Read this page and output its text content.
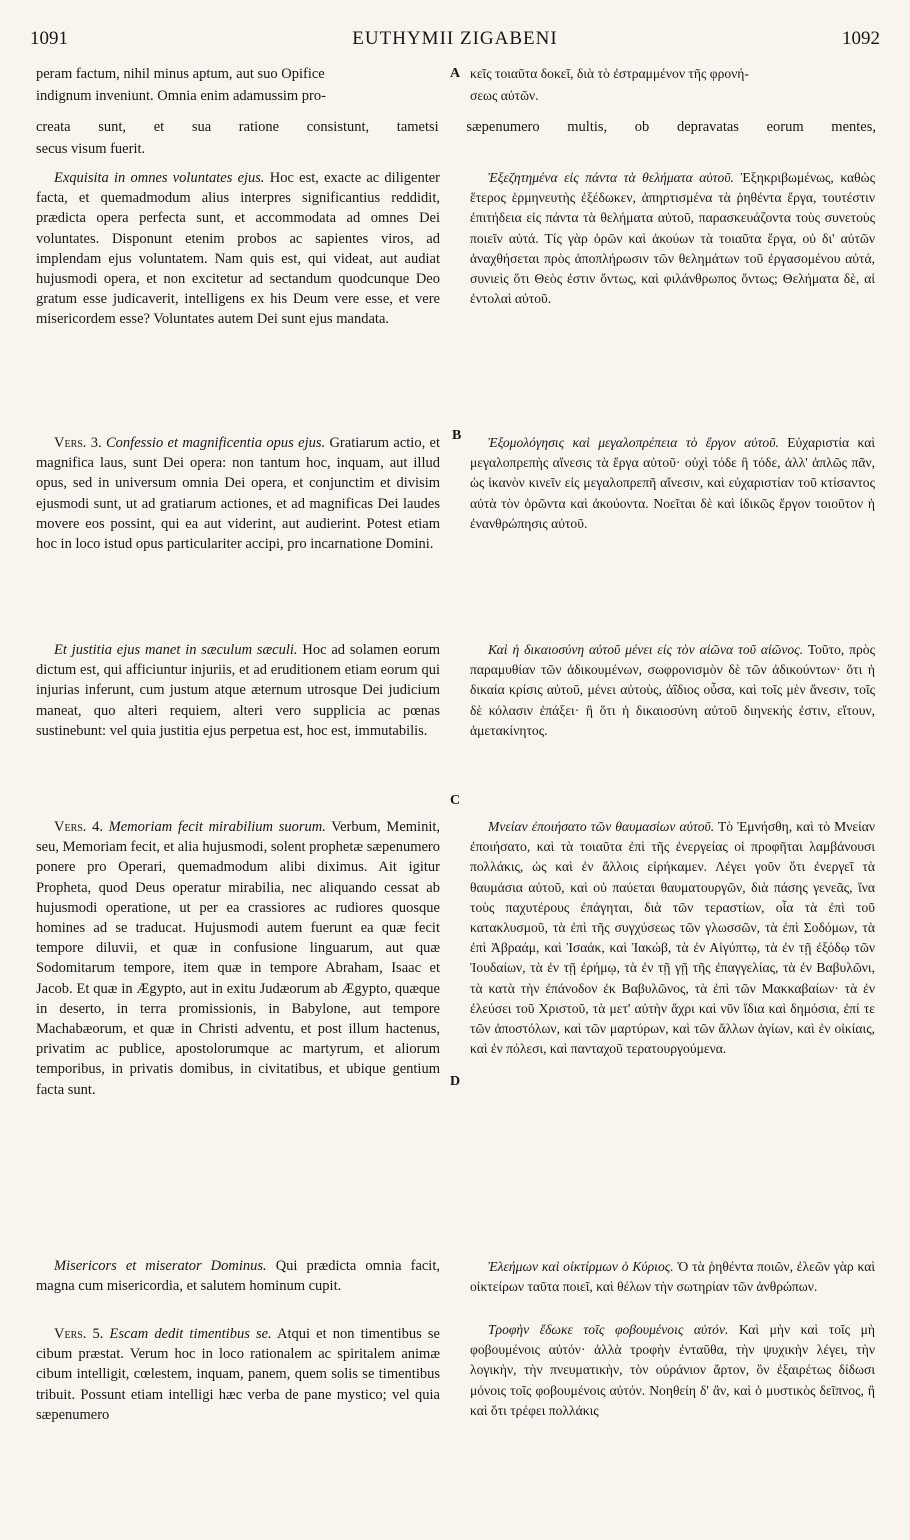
1091	EUTHYMII ZIGABENI	1092
peram factum, nihil minus aptum, aut suo Opifice
indignum inveniunt. Omnia enim adamussim pro-
κεῖς τοιαῦτα δοκεῖ, διὰ τὸ ἐστραμμένον τῆς φρονή-
σεως αὐτῶν.
creata sunt, et sua ratione consistunt, tametsi sæpenumero multis, ob depravatas eorum mentes,
secus visum fuerit.
A
B
C
D

Exquisita in omnes voluntates ejus. Hoc est, exacte ac diligenter facta, et quemadmodum alius interpres significantius reddidit, prædicta opera perfecta sunt, et accommodata ad omnes Dei voluntates. Disponunt etenim probos ac sapientes viros, ad implendam ejus voluntatem. Nam quis est, qui videat, aut audiat hujusmodi opera, et non excitetur ad sectandum quodcunque Deo gratum esse judicaverit, intelligens ex his Deum vere esse, et vere misericordem esse? Voluntates autem Dei sunt ejus mandata.

Vers. 3. Confessio et magnificentia opus ejus. Gratiarum actio, et magnifica laus, sunt Dei opera: non tantum hoc, inquam, aut illud opus, sed in universum omnia Dei opera, et conjunctim et divisim ejusmodi sunt, ut ad gratiarum actiones, et ad magnificas Dei laudes movere eos possint, qui ea aut viderint, aut audierint. Potest etiam hoc in loco istud opus particulariter accipi, pro incarnatione Domini.

Et justitia ejus manet in sæculum sæculi. Hoc ad solamen eorum dictum est, qui afficiuntur injuriis, et ad eruditionem etiam eorum qui injurias inferunt, cum justum atque æternum utrosque Dei judicium maneat, quo alteri requiem, alteri vero supplicia ac pœnas sustinebunt: vel quia justitia ejus perpetua est, hoc est, immutabilis.

Vers. 4. Memoriam fecit mirabilium suorum. Verbum, Meminit, seu, Memoriam fecit, et alia hujusmodi, solent prophetæ sæpenumero ponere pro Operari, quemadmodum alibi diximus. Ait igitur Propheta, quod Deus operatur mirabilia, nec aliquando cessat ab hujusmodi operatione, ut per ea crassiores ac rudiores quosque homines ad se traducat. Hujusmodi autem fuerunt ea quæ fecit tempore diluvii, et quæ in confusione linguarum, aut quæ Sodomitarum tempore, item quæ in tempore Abraham, Isaac et Jacob. Et quæ in Ægypto, aut in exitu Judæorum ab Ægypto, quæque in deserto, in terra promissionis, in Babylone, aut tempore Machabæorum, et quæ in Christi adventu, et post illum hactenus, privatim ac publice, apostolorumque ac martyrum, et aliorum temporibus, in privatis domibus, in civitatibus, et ubique gentium facta sunt.

Misericors et miserator Dominus. Qui prædicta omnia facit, magna cum misericordia, et salutem hominum cupit.

Vers. 5. Escam dedit timentibus se. Atqui et non timentibus se cibum præstat. Verum hoc in loco rationalem ac spiritalem animæ cibum intelligit, cœlestem, inquam, panem, quem solis se timentibus tribuit. Possunt etiam intelligi hæc verba de pane mystico; vel quia sæpenumero

Ἐξεζητημένα εἰς πάντα τὰ θελήματα αὐτοῦ. Ἐξηκριβωμένως, καθὼς ἕτερος ἑρμηνευτὴς ἐξέδωκεν, ἀπηρτισμένα τὰ ῥηθέντα ἔργα, τουτέστιν ἐπιτήδεια εἰς πάντα τὰ θελήματα αὐτοῦ, παρασκευάζοντα τοὺς συνετοὺς ποιεῖν αὐτά. Τίς γὰρ ὁρῶν καὶ ἀκούων τὰ τοιαῦτα ἔργα, οὐ δι' αὐτῶν ἀναχθήσεται πρὸς ἀποπλήρωσιν τῶν θελημάτων τοῦ ἐργασομένου αὐτά, συνιεὶς ὅτι Θεὸς ἐστιν ὄντως, καὶ φιλάνθρωπος ὄντως; Θελήματα δὲ, αἱ ἐντολαὶ αὐτοῦ.

Ἐξομολόγησις καὶ μεγαλοπρέπεια τὸ ἔργον αὐτοῦ. Εὐχαριστία καὶ μεγαλοπρεπὴς αἴνεσις τὰ ἔργα αὐτοῦ· οὐχὶ τόδε ἢ τόδε, ἀλλ' ἁπλῶς πᾶν, ὡς ἱκανὸν κινεῖν εἰς μεγαλοπρεπῆ αἴνεσιν, καὶ εὐχαριστίαν τοῦ κτίσαντος αὐτὰ τὸν ὁρῶντα καὶ ἀκούοντα. Νοεῖται δὲ καὶ ἰδικῶς ἔργον τοιοῦτον ἡ ἐνανθρώπησις αὐτοῦ.

Καὶ ἡ δικαιοσύνη αὐτοῦ μένει εἰς τὸν αἰῶνα τοῦ αἰῶνος. Τοῦτο, πρὸς παραμυθίαν τῶν ἀδικουμένων, σωφρονισμὸν δὲ τῶν ἀδικούντων· ὅτι ἡ δικαία κρίσις αὐτοῦ, μένει αὐτοὺς, ἀΐδιος οὖσα, καὶ τοῖς μὲν ἄνεσιν, τοῖς δὲ κόλασιν ἐπάξει· ἢ ὅτι ἡ δικαιοσύνη αὐτοῦ διηνεκής ἐστιν, εἴτουν, ἀμετακίνητος.

Μνείαν ἐποιήσατο τῶν θαυμασίων αὐτοῦ. Τὸ Ἐμνήσθη, καὶ τὸ Μνείαν ἐποιήσατο, καὶ τὰ τοιαῦτα ἐπὶ τῆς ἐνεργείας οἱ προφῆται λαμβάνουσι πολλάκις, ὡς καὶ ἐν ἄλλοις εἰρήκαμεν. Λέγει γοῦν ὅτι ἐνεργεῖ τὰ θαυμάσια αὐτοῦ, καὶ οὐ παύεται θαυματουργῶν, διὰ πάσης γενεᾶς, ἵνα τοὺς παχυτέρους ἐπάγηται, διὰ τῶν τεραστίων, οἷα τὰ ἐπὶ τοῦ κατακλυσμοῦ, τὰ ἐπὶ τῆς συγχύσεως τῶν γλωσσῶν, τὰ ἐπὶ Σοδόμων, τὰ ἐπὶ Ἀβραάμ, καὶ Ἰσαάκ, καὶ Ἰακώβ, τὰ ἐν Αἰγύπτῳ, τὰ ἐν τῇ ἐξόδῳ τῶν Ἰουδαίων, τὰ ἐν τῇ ἐρήμῳ, τὰ ἐν τῇ γῇ τῆς ἐπαγγελίας, τὰ ἐν Βαβυλῶνι, τὰ κατὰ τὴν ἐπάνοδον ἐκ Βαβυλῶνος, τὰ ἐπὶ τῶν Μακκαβαίων· τὰ ἐν ἐλεύσει τοῦ Χριστοῦ, τὰ μετ' αὐτὴν ἄχρι καὶ νῦν ἴδια καὶ δημόσια, ἐπί τε τῶν ἀποστόλων, καὶ τῶν μαρτύρων, καὶ τῶν ἄλλων ἁγίων, καὶ ἐν οἰκίαις, καὶ ἐν πόλεσι, καὶ πανταχοῦ τερατουργούμενα.

Ἐλεήμων καὶ οἰκτίρμων ὁ Κύριος. Ὁ τὰ ῥηθέντα ποιῶν, ἐλεῶν γὰρ καὶ οἰκτείρων ταῦτα ποιεῖ, καὶ θέλων τὴν σωτηρίαν τῶν ἀνθρώπων.

Τροφὴν ἔδωκε τοῖς φοβουμένοις αὐτόν. Καὶ μὴν καὶ τοῖς μὴ φοβουμένοις αὐτόν· ἀλλὰ τροφὴν ἐνταῦθα, τὴν ψυχικὴν λέγει, τὴν λογικὴν, τὴν πνευματικὴν, τὸν οὐράνιον ἄρτον, ὃν ἐξαιρέτως δίδωσι μόνοις τοῖς φοβουμένοις αὐτόν. Νοηθείη δ' ἂν, καὶ ὁ μυστικὸς δεῖπνος, ἢ καὶ ὅτι τρέφει πολλάκις
